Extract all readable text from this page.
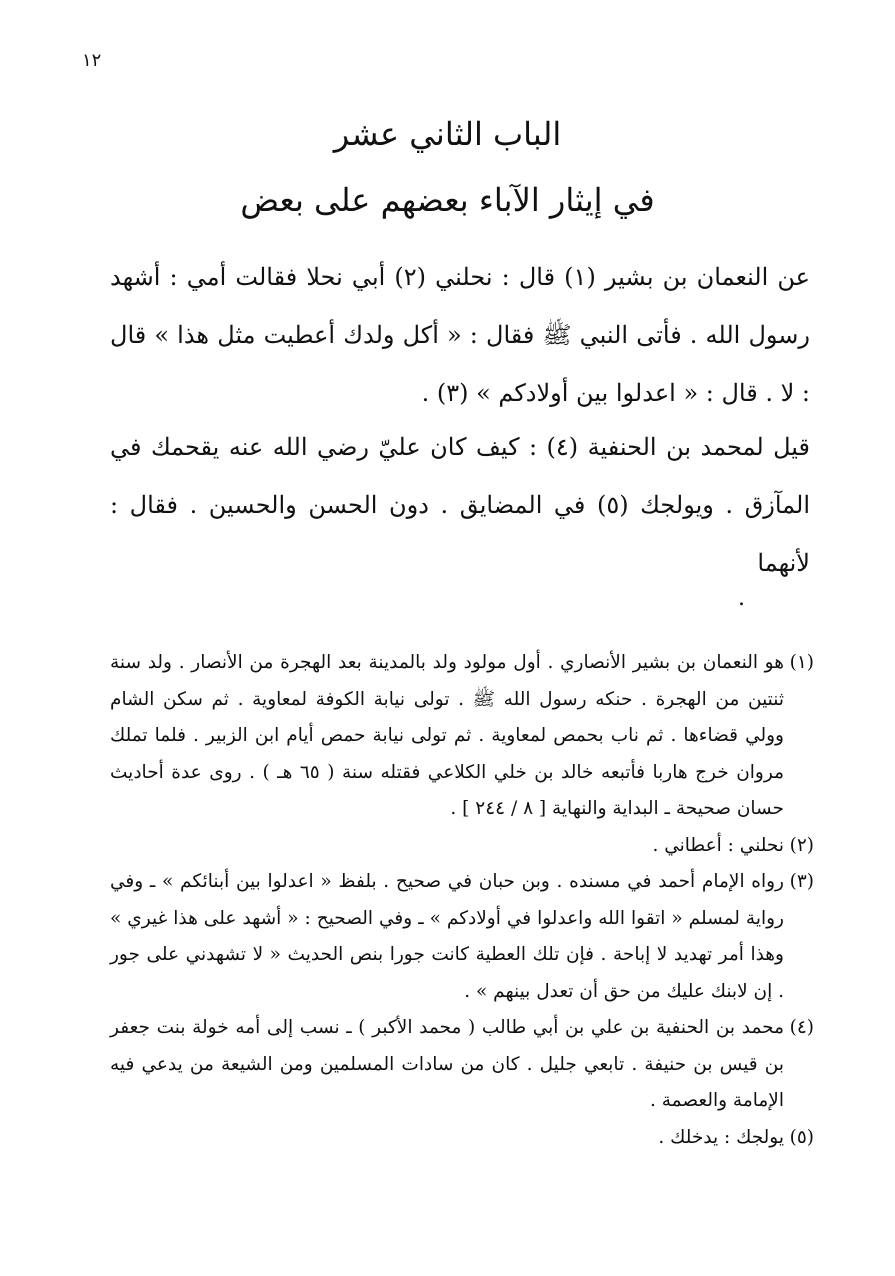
١٢
الباب الثاني عشر
في إيثار الآباء بعضهم على بعض
عن النعمان بن بشير (١) قال : نحلني (٢) أبي نحلا فقالت أمي : أشهد رسول الله . فأتى النبي ﷺ فقال : « أكل ولدك أعطيت مثل هذا » قال : لا . قال : « اعدلوا بين أولادكم » (٣) .
قيل لمحمد بن الحنفية (٤) : كيف كان عليّ رضي الله عنه يقحمك في المآزق . ويولجك (٥) في المضايق . دون الحسن والحسين . فقال : لأنهما
.

(١)
هو النعمان بن بشير الأنصاري . أول مولود ولد بالمدينة بعد الهجرة من الأنصار . ولد سنة ثنتين من الهجرة . حنكه رسول الله ﷺ . تولى نيابة الكوفة لمعاوية . ثم سكن الشام وولي قضاءها . ثم ناب بحمص لمعاوية . ثم تولى نيابة حمص أيام ابن الزبير . فلما تملك مروان خرج هاربا فأتبعه خالد بن خلي الكلاعي فقتله سنة ( ٦٥ هـ ) . روى عدة أحاديث حسان صحيحة ـ البداية والنهاية [ ٨ / ٢٤٤ ] .

(٢)
نحلني : أعطاني .

(٣)
رواه الإمام أحمد في مسنده . وبن حبان في صحيح . بلفظ « اعدلوا بين أبنائكم » ـ وفي رواية لمسلم « اتقوا الله واعدلوا في أولادكم » ـ وفي الصحيح : « أشهد على هذا غيري » وهذا أمر تهديد لا إباحة . فإن تلك العطية كانت جورا بنص الحديث « لا تشهدني على جور . إن لابنك عليك من حق أن تعدل بينهم » .

(٤)
محمد بن الحنفية بن علي بن أبي طالب ( محمد الأكبر ) ـ نسب إلى أمه خولة بنت جعفر بن قيس بن حنيفة . تابعي جليل . كان من سادات المسلمين ومن الشيعة من يدعي فيه الإمامة والعصمة .

(٥)
يولجك : يدخلك .
